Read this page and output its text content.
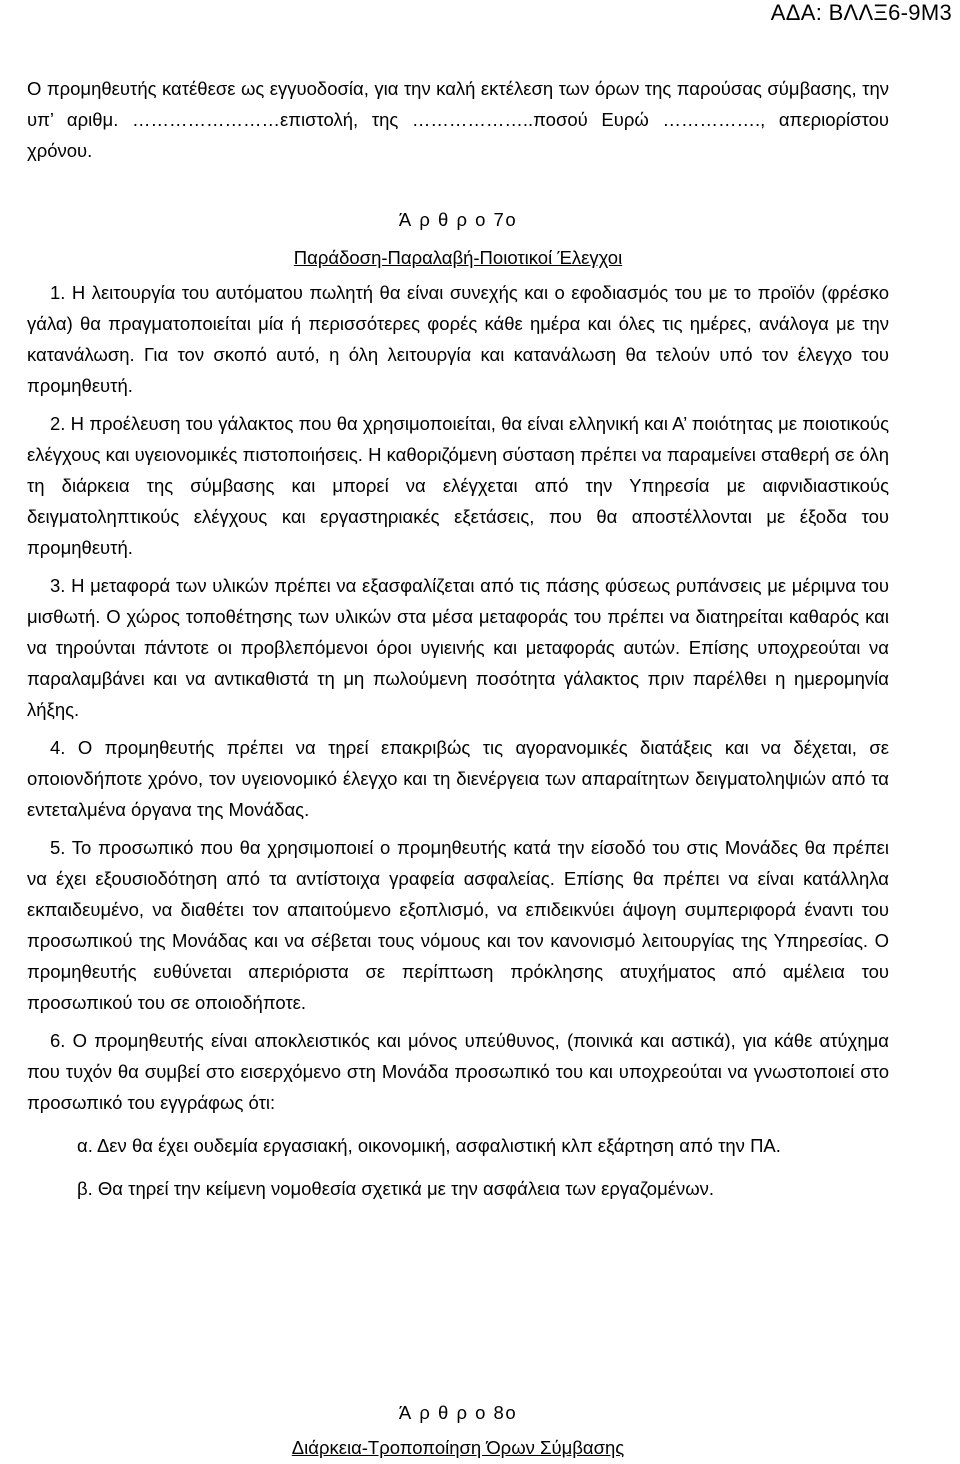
ΑΔΑ: ΒΛΛΞ6-9Μ3

Ο προμηθευτής κατέθεσε ως εγγυοδοσία, για την καλή εκτέλεση των όρων της παρούσας σύμβασης, την υπ’ αριθμ. ……………………επιστολή, της ………………..ποσού Ευρώ ……………., απεριορίστου χρόνου.

Ά ρ θ ρ ο 7ο

Παράδοση-Παραλαβή-Ποιοτικοί Έλεγχοι

1. Η λειτουργία του αυτόματου πωλητή θα είναι συνεχής και ο εφοδιασμός του με το προϊόν (φρέσκο γάλα) θα πραγματοποιείται μία ή περισσότερες φορές κάθε ημέρα και όλες τις ημέρες, ανάλογα με την κατανάλωση. Για τον σκοπό αυτό, η όλη λειτουργία και κατανάλωση θα τελούν υπό τον έλεγχο του προμηθευτή.

2. Η προέλευση του γάλακτος που θα χρησιμοποιείται, θα είναι ελληνική και Α’ ποιότητας με ποιοτικούς ελέγχους και υγειονομικές πιστοποιήσεις. Η καθοριζόμενη σύσταση πρέπει να παραμείνει σταθερή σε όλη τη διάρκεια της σύμβασης και μπορεί να ελέγχεται από την Υπηρεσία με αιφνιδιαστικούς δειγματοληπτικούς ελέγχους και εργαστηριακές εξετάσεις, που θα αποστέλλονται με έξοδα του προμηθευτή.

3. Η μεταφορά των υλικών πρέπει να εξασφαλίζεται από τις πάσης φύσεως ρυπάνσεις με μέριμνα του μισθωτή. Ο χώρος τοποθέτησης των υλικών στα μέσα μεταφοράς του πρέπει να διατηρείται καθαρός και να τηρούνται πάντοτε οι προβλεπόμενοι όροι υγιεινής και μεταφοράς αυτών. Επίσης υποχρεούται να παραλαμβάνει και να αντικαθιστά τη μη πωλούμενη ποσότητα γάλακτος πριν παρέλθει η ημερομηνία λήξης.

4. Ο προμηθευτής πρέπει να τηρεί επακριβώς τις αγορανομικές διατάξεις και να δέχεται, σε οποιονδήποτε χρόνο, τον υγειονομικό έλεγχο και τη διενέργεια των απαραίτητων δειγματοληψιών από τα εντεταλμένα όργανα της Μονάδας.

5. Το προσωπικό που θα χρησιμοποιεί ο προμηθευτής κατά την είσοδό του στις Μονάδες θα πρέπει να έχει εξουσιοδότηση από τα αντίστοιχα γραφεία ασφαλείας. Επίσης θα πρέπει να είναι κατάλληλα εκπαιδευμένο, να διαθέτει τον απαιτούμενο εξοπλισμό, να επιδεικνύει άψογη συμπεριφορά έναντι του προσωπικού της Μονάδας και να σέβεται τους νόμους και τον κανονισμό λειτουργίας της Υπηρεσίας. Ο προμηθευτής ευθύνεται απεριόριστα σε περίπτωση πρόκλησης ατυχήματος από αμέλεια του προσωπικού του σε οποιοδήποτε.

6. Ο προμηθευτής είναι αποκλειστικός και μόνος υπεύθυνος, (ποινικά και αστικά), για κάθε ατύχημα που τυχόν θα συμβεί στο εισερχόμενο στη Μονάδα προσωπικό του και υποχρεούται να γνωστοποιεί στο προσωπικό του εγγράφως ότι:

α. Δεν θα έχει ουδεμία εργασιακή, οικονομική, ασφαλιστική κλπ εξάρτηση από την ΠΑ.

β. Θα τηρεί την κείμενη νομοθεσία σχετικά με την ασφάλεια των εργαζομένων.

Ά ρ θ ρ ο 8ο

Διάρκεια-Τροποποίηση Όρων Σύμβασης
